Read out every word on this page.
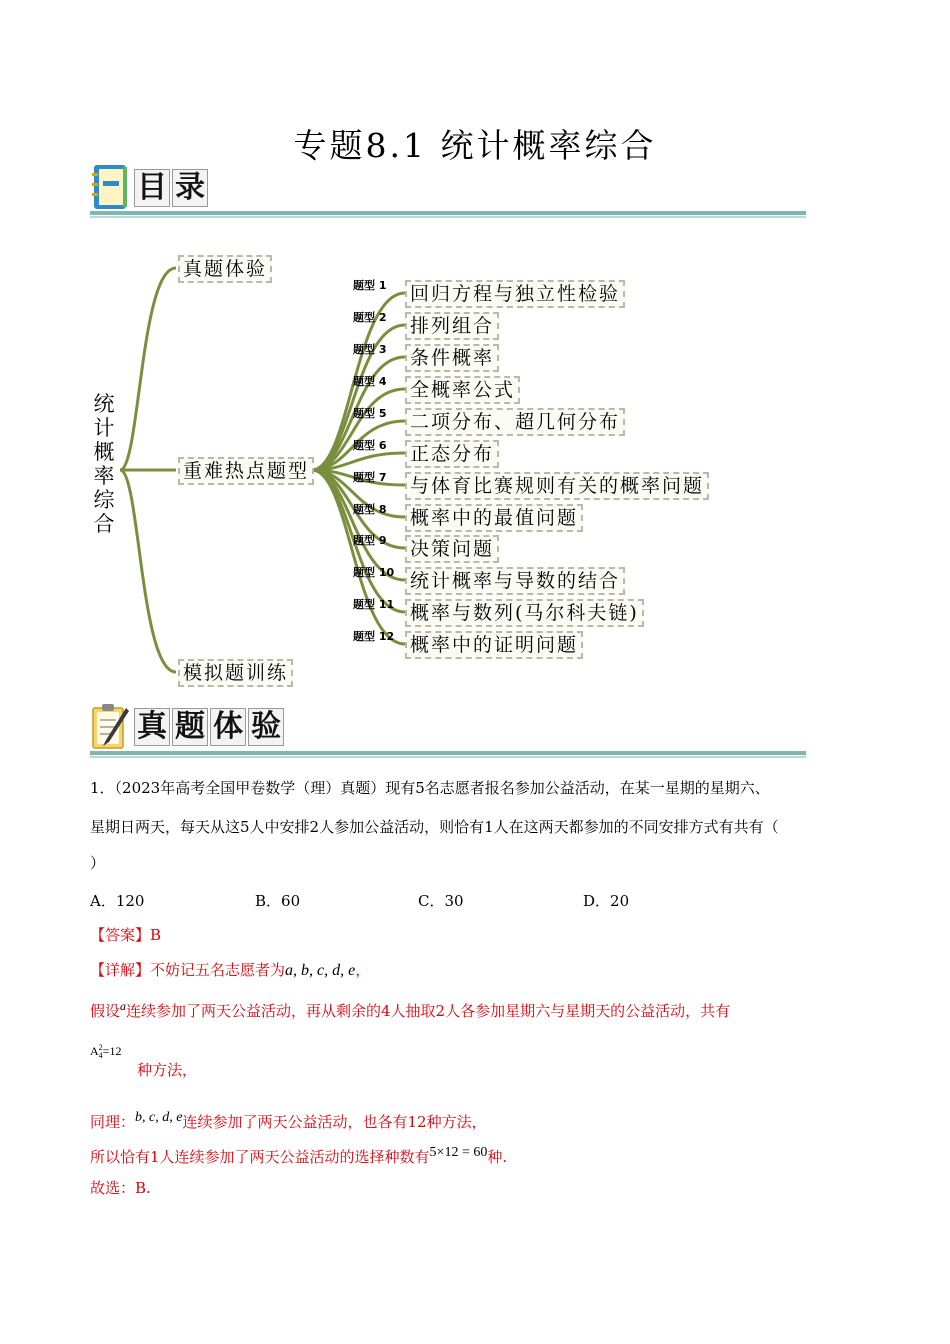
专题8.1 统计概率综合
目 录
统
计
概
率
综
合
真题体验
重难热点题型
模拟题训练
题型 1
题型 2
题型 3
题型 4
题型 5
题型 6
题型 7
题型 8
题型 9
题型 10
题型 11
题型 12
回归方程与独立性检验
排列组合
条件概率
全概率公式
二项分布、超几何分布
正态分布
与体育比赛规则有关的概率问题
概率中的最值问题
决策问题
统计概率与导数的结合
概率与数列(马尔科夫链)
概率中的证明问题
真 题 体 验
1．（2023年高考全国甲卷数学（理）真题）现有5名志愿者报名参加公益活动，在某一星期的星期六、
星期日两天，每天从这5人中安排2人参加公益活动，则恰有1人在这两天都参加的不同安排方式有共有（
）
A．120	B．60	C．30	D．20
【答案】B
【详解】不妨记五名志愿者为a, b, c, d, e，
假设$^a$连续参加了两天公益活动，再从剩余的4人抽取2人各参加星期六与星期天的公益活动，共有
A 2
4 =12
种方法，
同理：$^{b, c, d, e}$连续参加了两天公益活动，也各有12种方法，
所以恰有1人连续参加了两天公益活动的选择种数有$^{5\times 12 = 60}$种.
故选：B.
